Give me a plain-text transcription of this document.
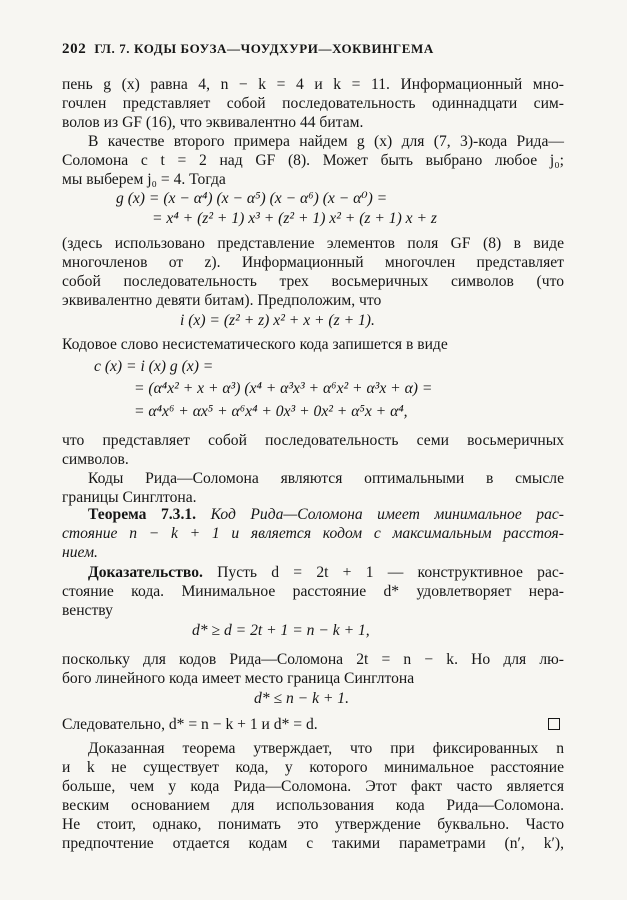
202 ГЛ. 7. КОДЫ БОУЗА—ЧОУДХУРИ—ХОКВИНГЕМА
пень g (x) равна 4, n − k = 4 и k = 11. Информационный мно-
гочлен представляет собой последовательность одиннадцати сим-
волов из GF (16), что эквивалентно 44 битам.
В качестве второго примера найдем g (x) для (7, 3)-кода Рида—
Соломона с t = 2 над GF (8). Может быть выбрано любое j₀;
мы выберем j₀ = 4. Тогда
g (x) = (x − α⁴) (x − α⁵) (x − α⁶) (x − α⁰) =
= x⁴ + (z² + 1) x³ + (z² + 1) x² + (z + 1) x + z
(здесь использовано представление элементов поля GF (8) в виде
многочленов от z). Информационный многочлен представляет
собой последовательность трех восьмеричных символов (что
эквивалентно девяти битам). Предположим, что
i (x) = (z² + z) x² + x + (z + 1).
Кодовое слово несистематического кода запишется в виде
c (x) = i (x) g (x) =
= (α⁴x² + x + α³) (x⁴ + α³x³ + α⁶x² + α³x + α) =
= α⁴x⁶ + αx⁵ + α⁶x⁴ + 0x³ + 0x² + α⁵x + α⁴,
что представляет собой последовательность семи восьмеричных
символов.
Коды Рида—Соломона являются оптимальными в смысле
границы Синглтона.
Теорема 7.3.1. Код Рида—Соломона имеет минимальное рас-
стояние n − k + 1 и является кодом с максимальным расстоя-
нием.
Доказательство. Пусть d = 2t + 1 — конструктивное рас-
стояние кода. Минимальное расстояние d* удовлетворяет нера-
венству
d* ≥ d = 2t + 1 = n − k + 1,
поскольку для кодов Рида—Соломона 2t = n − k. Но для лю-
бого линейного кода имеет место граница Синглтона
d* ≤ n − k + 1.
Следовательно, d* = n − k + 1 и d* = d.
Доказанная теорема утверждает, что при фиксированных n
и k не существует кода, у которого минимальное расстояние
больше, чем у кода Рида—Соломона. Этот факт часто является
веским основанием для использования кода Рида—Соломона.
Не стоит, однако, понимать это утверждение буквально. Часто
предпочтение отдается кодам с такими параметрами (n′, k′),
